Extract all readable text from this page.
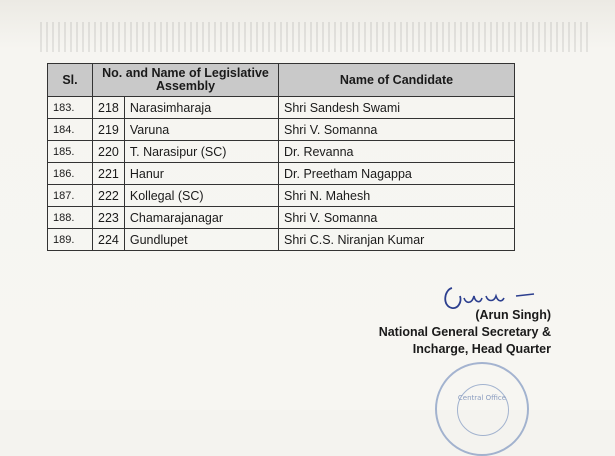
Sl.	No. and Name of Legislative Assembly		Name of Candidate
183.	218	Narasimharaja	Shri Sandesh Swami
184.	219	Varuna	Shri V. Somanna
185.	220	T. Narasipur (SC)	Dr. Revanna
186.	221	Hanur	Dr. Preetham Nagappa
187.	222	Kollegal (SC)	Shri N. Mahesh
188.	223	Chamarajanagar	Shri V. Somanna
189.	224	Gundlupet	Shri C.S. Niranjan Kumar
(Arun Singh)
National General Secretary &
Incharge, Head Quarter
Central Office
